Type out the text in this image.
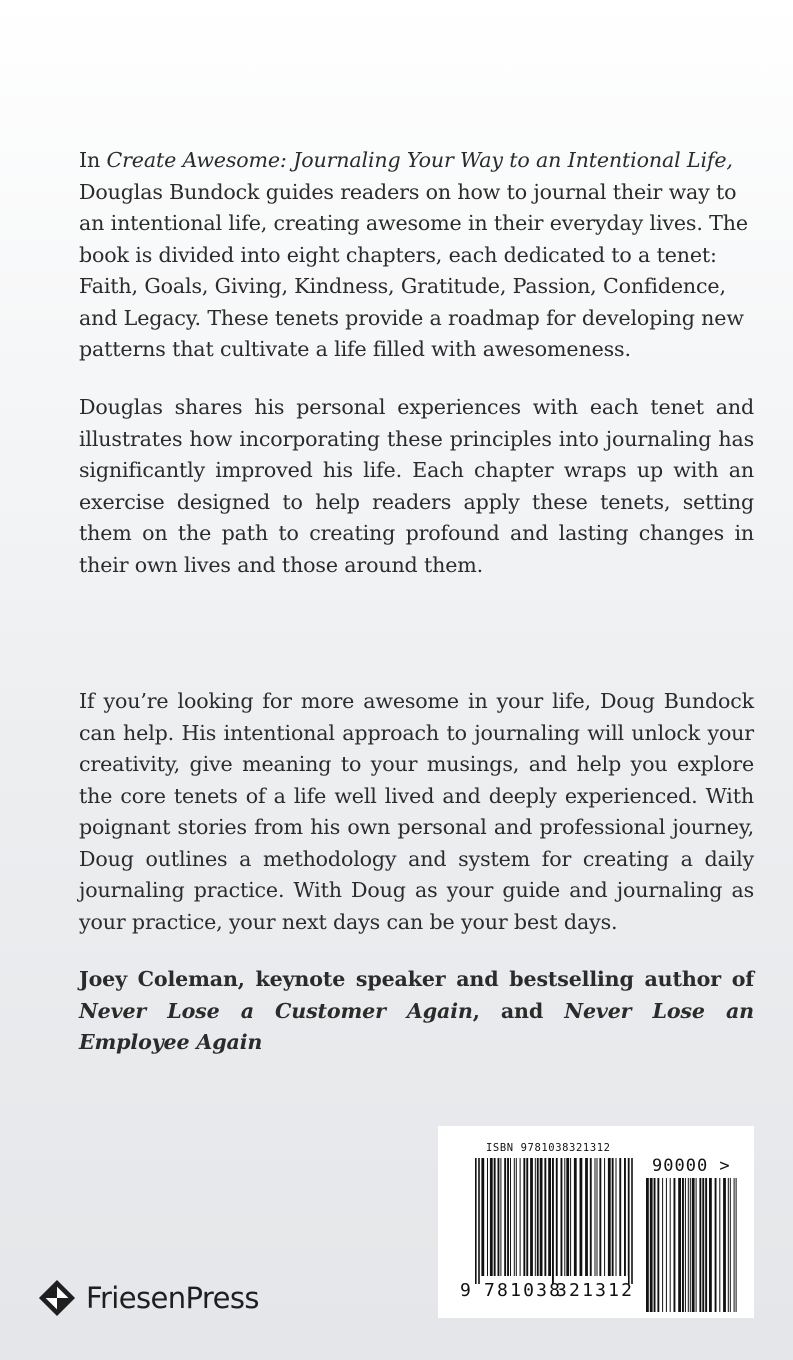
In Create Awesome: Journaling Your Way to an Intentional Life, Douglas Bundock guides readers on how to journal their way to an intentional life, creating awesome in their everyday lives. The book is divided into eight chapters, each dedicated to a tenet: Faith, Goals, Giving, Kindness, Gratitude, Passion, Confidence, and Legacy. These tenets provide a roadmap for developing new patterns that cultivate a life filled with awesomeness.

Douglas shares his personal experiences with each tenet and illustrates how incorporating these principles into journaling has significantly improved his life. Each chapter wraps up with an exercise designed to help readers apply these tenets, setting them on the path to creating profound and lasting changes in their own lives and those around them.

If you’re looking for more awesome in your life, Doug Bundock can help. His intentional approach to journaling will unlock your creativity, give meaning to your musings, and help you explore the core tenets of a life well lived and deeply experienced. With poignant stories from his own personal and professional journey, Doug outlines a methodology and system for creating a daily journaling practice. With Doug as your guide and journaling as your practice, your next days can be your best days.

Joey Coleman, keynote speaker and bestselling author of Never Lose a Customer Again, and Never Lose an Employee Again

FriesenPress
ISBN 9781038321312
90000 >
9 781038
321312
